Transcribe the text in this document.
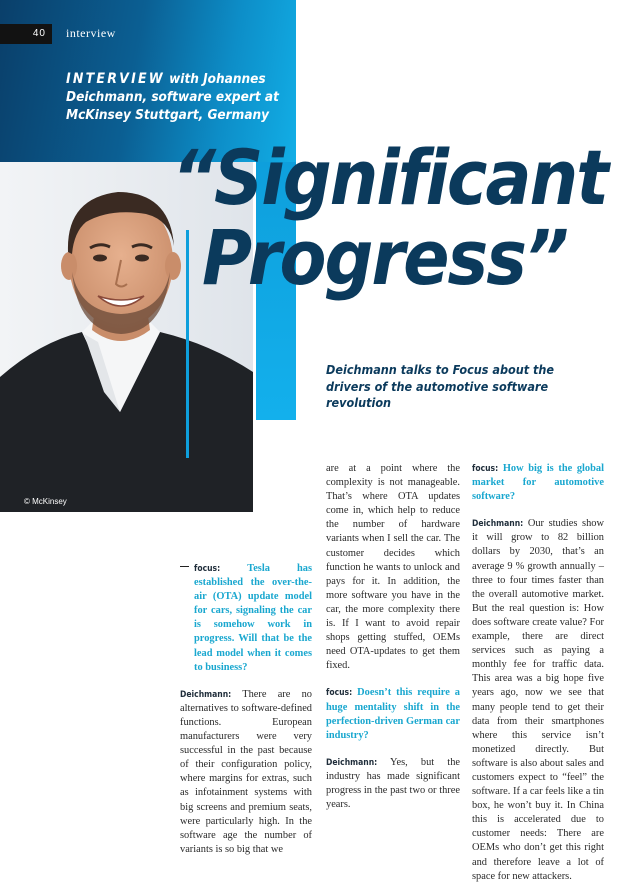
40	interview
INTERVIEW with Johannes Deichmann, software expert at McKinsey Stuttgart, Germany
© McKinsey
“Significant
Progress”
Deichmann talks to Focus about the drivers of the automotive software revolution
focus:	Tesla has established the over-the-air (OTA) update model for cars, signaling the car is somehow work in progress. Will that be the lead model when it comes to business?
Deichmann: There are no alternatives to software-defined functions. European manufacturers were very successful in the past because of their configuration policy, where margins for extras, such as infotainment systems with big screens and premium seats, were particularly high. In the software age the number of variants is so big that we
are at a point where the complexity is not manageable. That’s where OTA updates come in, which help to reduce the number of hardware variants when I sell the car. The customer decides which function he wants to unlock and pays for it. In addition, the more software you have in the car, the more complexity there is. If I want to avoid repair shops getting stuffed, OEMs need OTA-updates to get them fixed.
focus: Doesn’t this require a huge mentality shift in the perfection-driven German car industry?
Deichmann: Yes, but the industry has made significant progress in the past two or three years.
focus: How big is the global market for automotive software?
Deichmann: Our studies show it will grow to 82 billion dollars by 2030, that’s an average 9 % growth annually – three to four times faster than the overall automotive market. But the real question is: How does software create value? For example, there are direct services such as paying a monthly fee for traffic data. This area was a big hope five years ago, now we see that many people tend to get their data from their smartphones where this service isn’t monetized directly. But software is also about sales and customers expect to “feel” the software. If a car feels like a tin box, he won’t buy it. In China this is accelerated due to customer needs: There are OEMs who don’t get this right and therefore leave a lot of space for new attackers.
